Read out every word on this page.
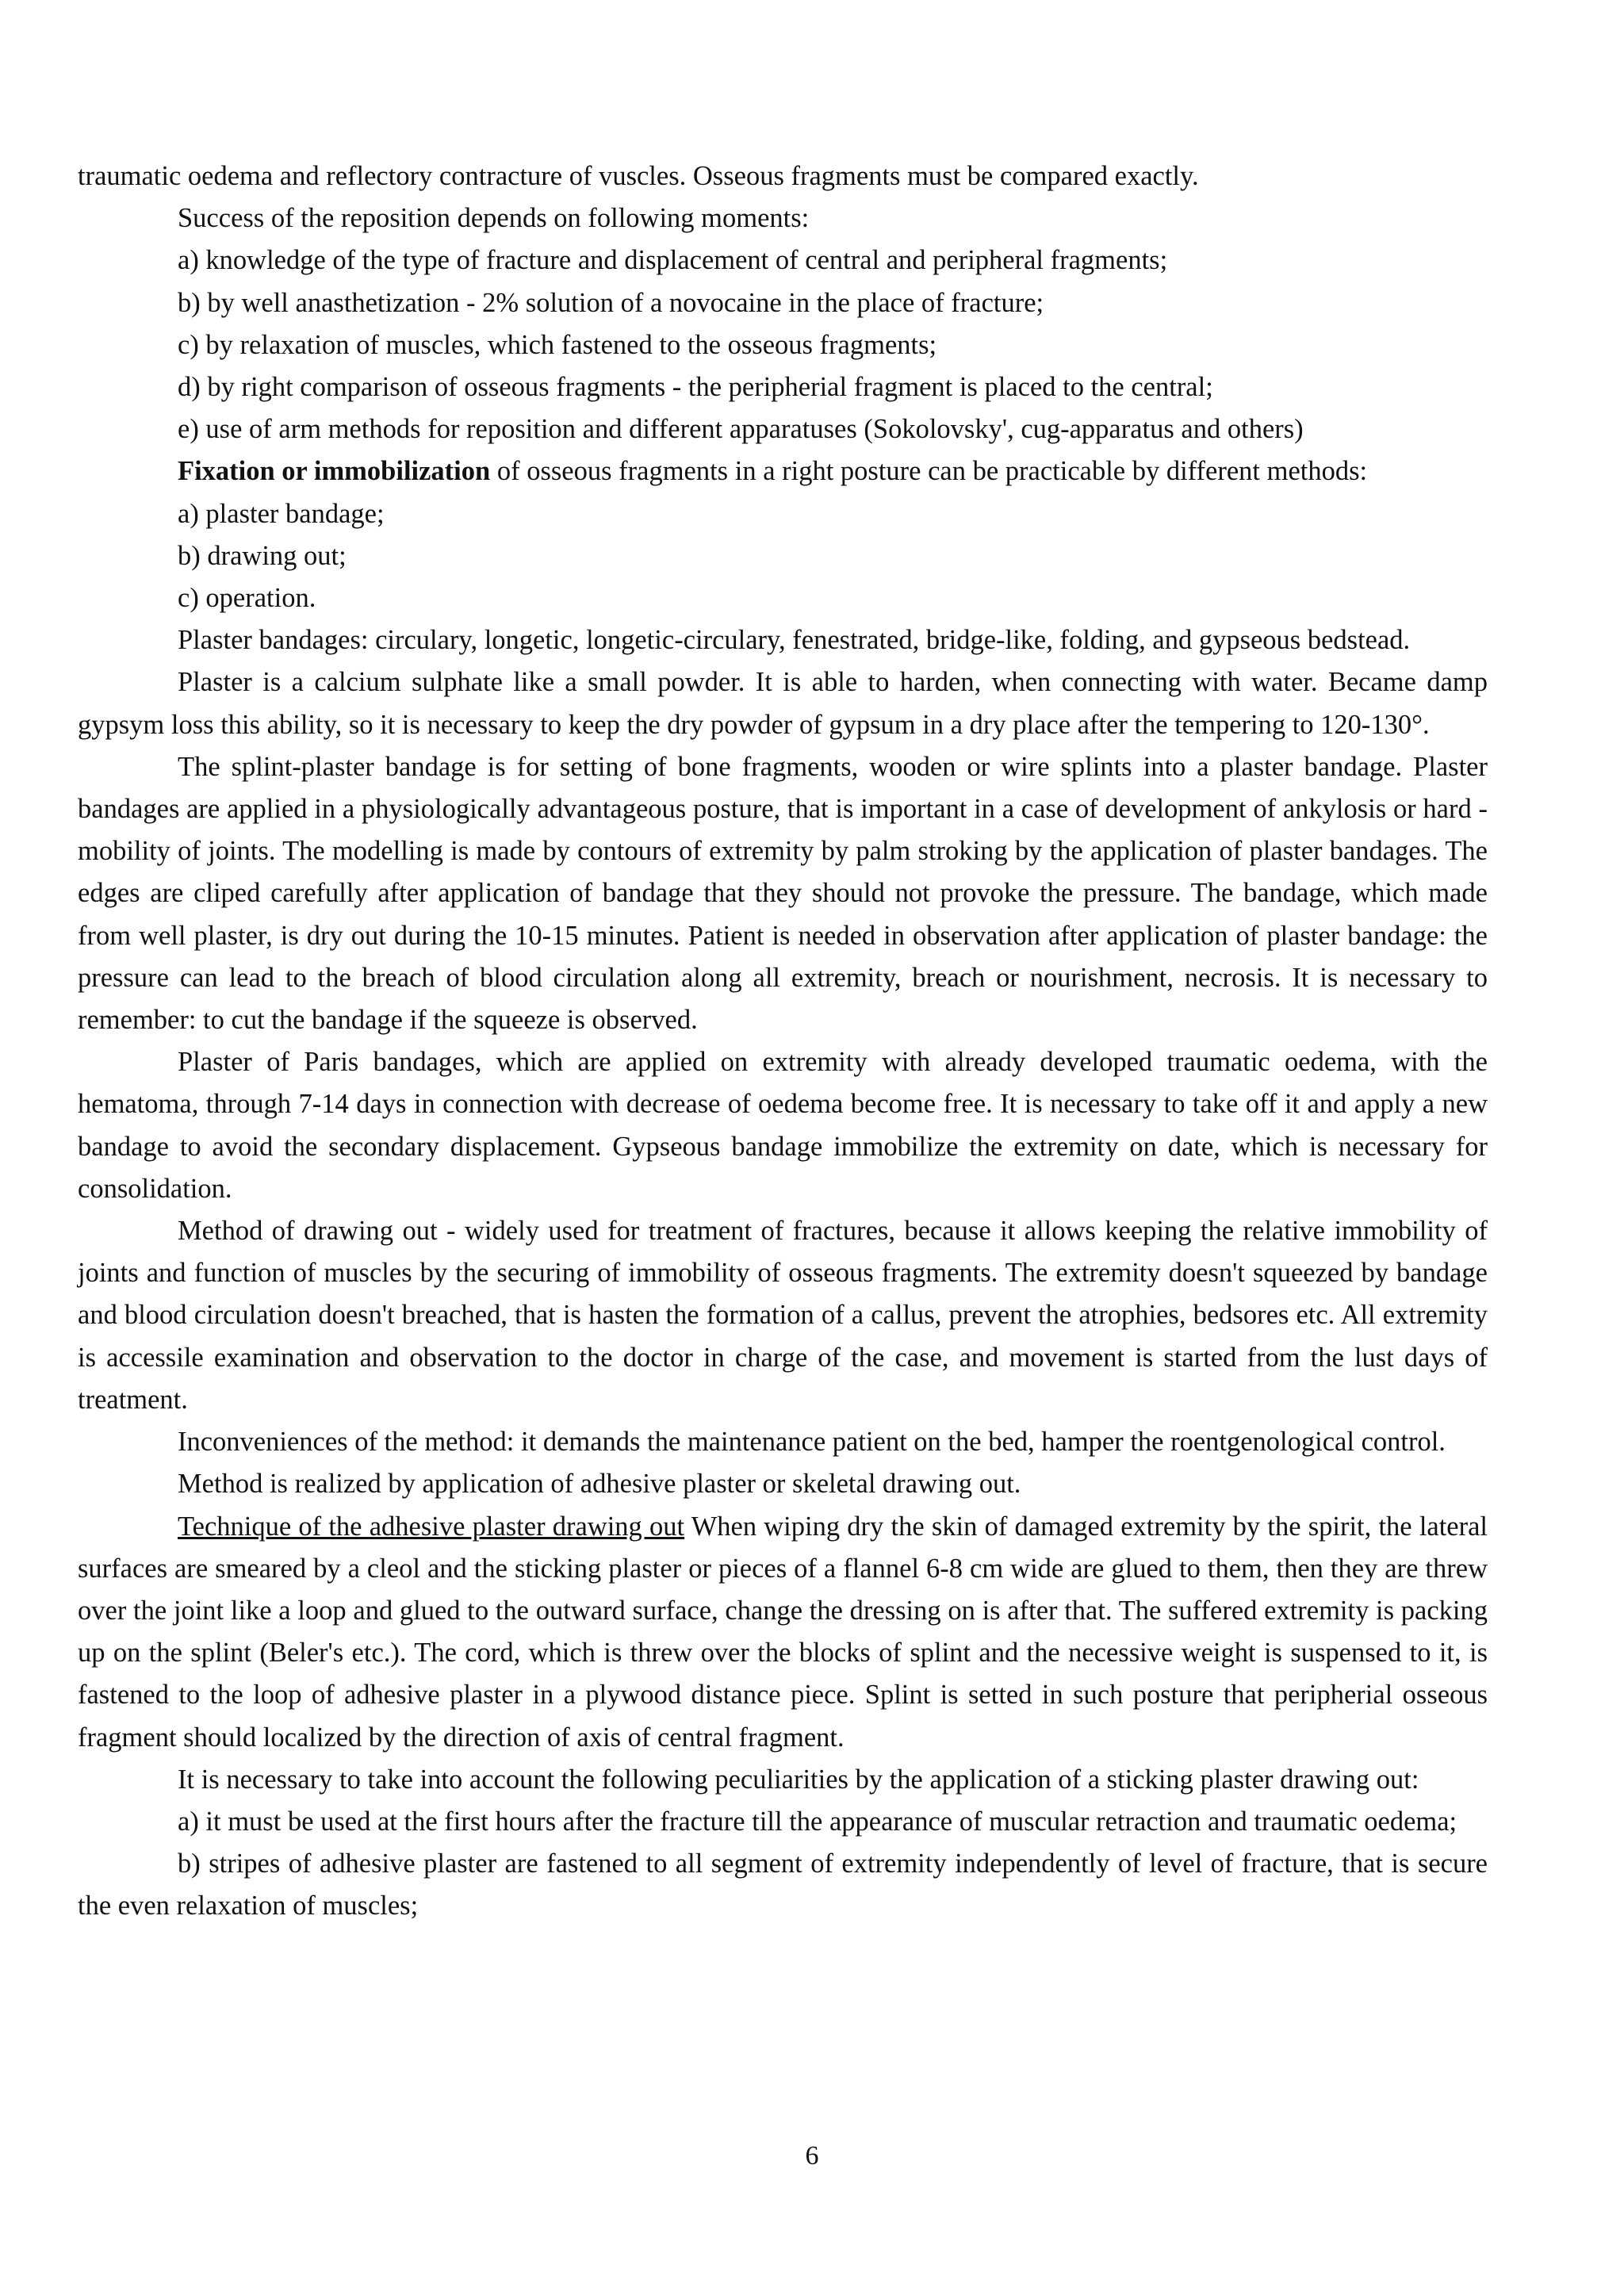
traumatic oedema and reflectory contracture of vuscles. Osseous fragments must be compared exactly.

Success of the reposition depends on following moments:

a) knowledge of the type of fracture and displacement of central and peripheral fragments;

b) by well anasthetization - 2% solution of a novocaine in the place of fracture;

c) by relaxation of muscles, which fastened to the osseous fragments;

d) by right comparison of osseous fragments - the peripherial fragment is placed to the central;

e) use of arm methods for reposition and different apparatuses (Sokolovsky', cug-apparatus and others)

Fixation or immobilization of osseous fragments in a right posture can be practicable by different methods:

a) plaster bandage;

b) drawing out;

c) operation.

Plaster bandages: circulary, longetic, longetic-circulary, fenestrated, bridge-like, folding, and gypseous bedstead.

Plaster is a calcium sulphate like a small powder. It is able to harden, when connecting with water. Became damp gypsym loss this ability, so it is necessary to keep the dry powder of gypsum in a dry place after the tempering to 120-130°.

The splint-plaster bandage is for setting of bone fragments, wooden or wire splints into a plaster bandage. Plaster bandages are applied in a physiologically advantageous posture, that is important in a case of development of ankylosis or hard - mobility of joints. The modelling is made by contours of extremity by palm stroking by the application of plaster bandages. The edges are cliped carefully after application of bandage that they should not provoke the pressure. The bandage, which made from well plaster, is dry out during the 10-15 minutes. Patient is needed in observation after application of plaster bandage: the pressure can lead to the breach of blood circulation along all extremity, breach or nourishment, necrosis. It is necessary to remember: to cut the bandage if the squeeze is observed.

Plaster of Paris bandages, which are applied on extremity with already developed traumatic oedema, with the hematoma, through 7-14 days in connection with decrease of oedema become free. It is necessary to take off it and apply a new bandage to avoid the secondary displacement. Gypseous bandage immobilize the extremity on date, which is necessary for consolidation.

Method of drawing out - widely used for treatment of fractures, because it allows keeping the relative immobility of joints and function of muscles by the securing of immobility of osseous fragments. The extremity doesn't squeezed by bandage and blood circulation doesn't breached, that is hasten the formation of a callus, prevent the atrophies, bedsores etc. All extremity is accessile examination and observation to the doctor in charge of the case, and movement is started from the lust days of treatment.

Inconveniences of the method: it demands the maintenance patient on the bed, hamper the roentgenological control.

Method is realized by application of adhesive plaster or skeletal drawing out.

Technique of the adhesive plaster drawing out When wiping dry the skin of damaged extremity by the spirit, the lateral surfaces are smeared by a cleol and the sticking plaster or pieces of a flannel 6-8 cm wide are glued to them, then they are threw over the joint like a loop and glued to the outward surface, change the dressing on is after that. The suffered extremity is packing up on the splint (Beler's etc.). The cord, which is threw over the blocks of splint and the necessive weight is suspensed to it, is fastened to the loop of adhesive plaster in a plywood distance piece. Splint is setted in such posture that peripherial osseous fragment should localized by the direction of axis of central fragment.

It is necessary to take into account the following peculiarities by the application of a sticking plaster drawing out:

a) it must be used at the first hours after the fracture till the appearance of muscular retraction and traumatic oedema;

b) stripes of adhesive plaster are fastened to all segment of extremity independently of level of fracture, that is secure the even relaxation of muscles;

6
